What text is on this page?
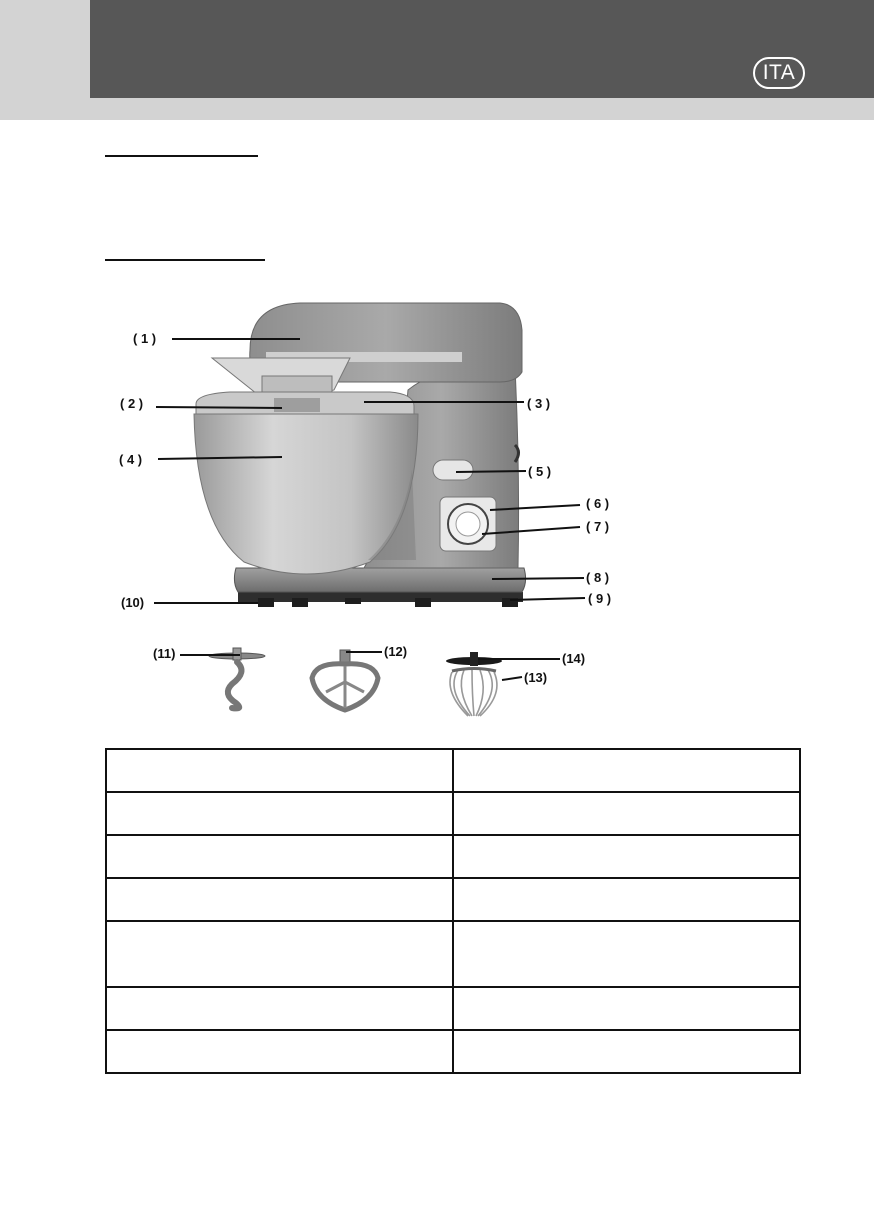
ITA
( 1 )
( 2 )	( 3 )
( 4 )
( 5 )
( 6 )
( 7 )
( 8 )
( 9 )
(10)
(11)	(12)
(13)
(14)
